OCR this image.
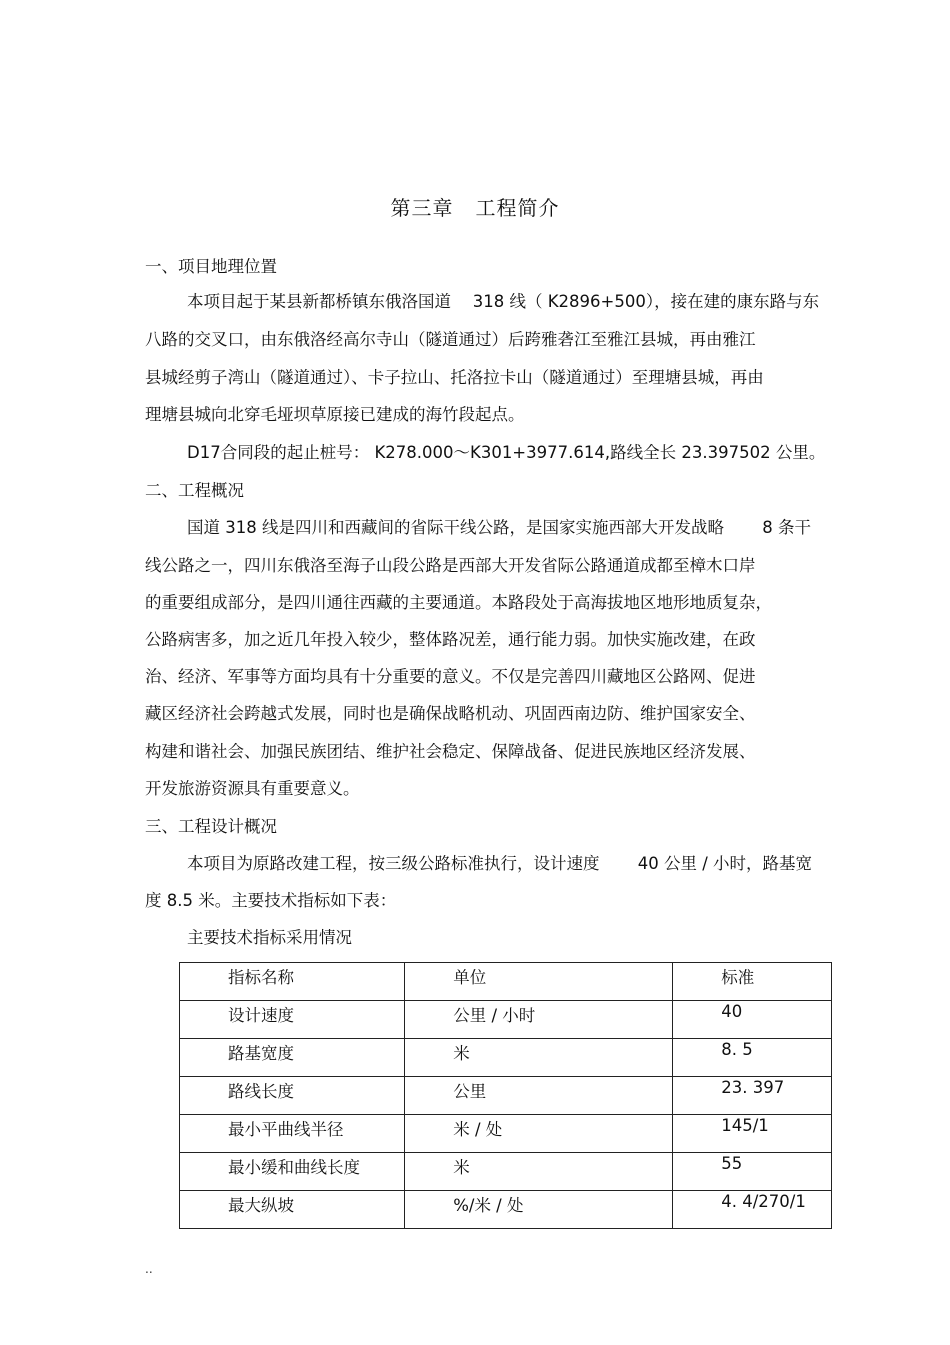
第三章 工程简介
一、项目地理位置
本项目起于某县新都桥镇东俄洛国道　 318 线（ K2896+500），接在建的康东路与东
八路的交叉口，由东俄洛经高尔寺山（隧道通过）后跨雅砻江至雅江县城，再由雅江
县城经剪子湾山（隧道通过）、卡子拉山、托洛拉卡山（隧道通过）至理塘县城，再由
理塘县城向北穿毛垭坝草原接已建成的海竹段起点。
D17合同段的起止桩号： K278.000～K301+3977.614,路线全长 23.397502 公里。
二、工程概况
国道 318 线是四川和西藏间的省际干线公路，是国家实施西部大开发战略　　 8 条干
线公路之一，四川东俄洛至海子山段公路是西部大开发省际公路通道成都至樟木口岸
的重要组成部分，是四川通往西藏的主要通道。本路段处于高海拔地区地形地质复杂，
公路病害多，加之近几年投入较少，整体路况差，通行能力弱。加快实施改建，在政
治、经济、军事等方面均具有十分重要的意义。不仅是完善四川藏地区公路网、促进
藏区经济社会跨越式发展，同时也是确保战略机动、巩固西南边防、维护国家安全、
构建和谐社会、加强民族团结、维护社会稳定、保障战备、促进民族地区经济发展、
开发旅游资源具有重要意义。
三、工程设计概况
本项目为原路改建工程，按三级公路标准执行，设计速度　　 40 公里 / 小时，路基宽
度 8.5 米。主要技术指标如下表：
主要技术指标采用情况
指标名称	单位	标准

设计速度	公里 / 小时	40

路基宽度	米	8. 5

路线长度	公里	23. 397

最小平曲线半径	米 / 处	145/1

最小缓和曲线长度	米	55

最大纵坡	%/米 / 处	4. 4/270/1
..
